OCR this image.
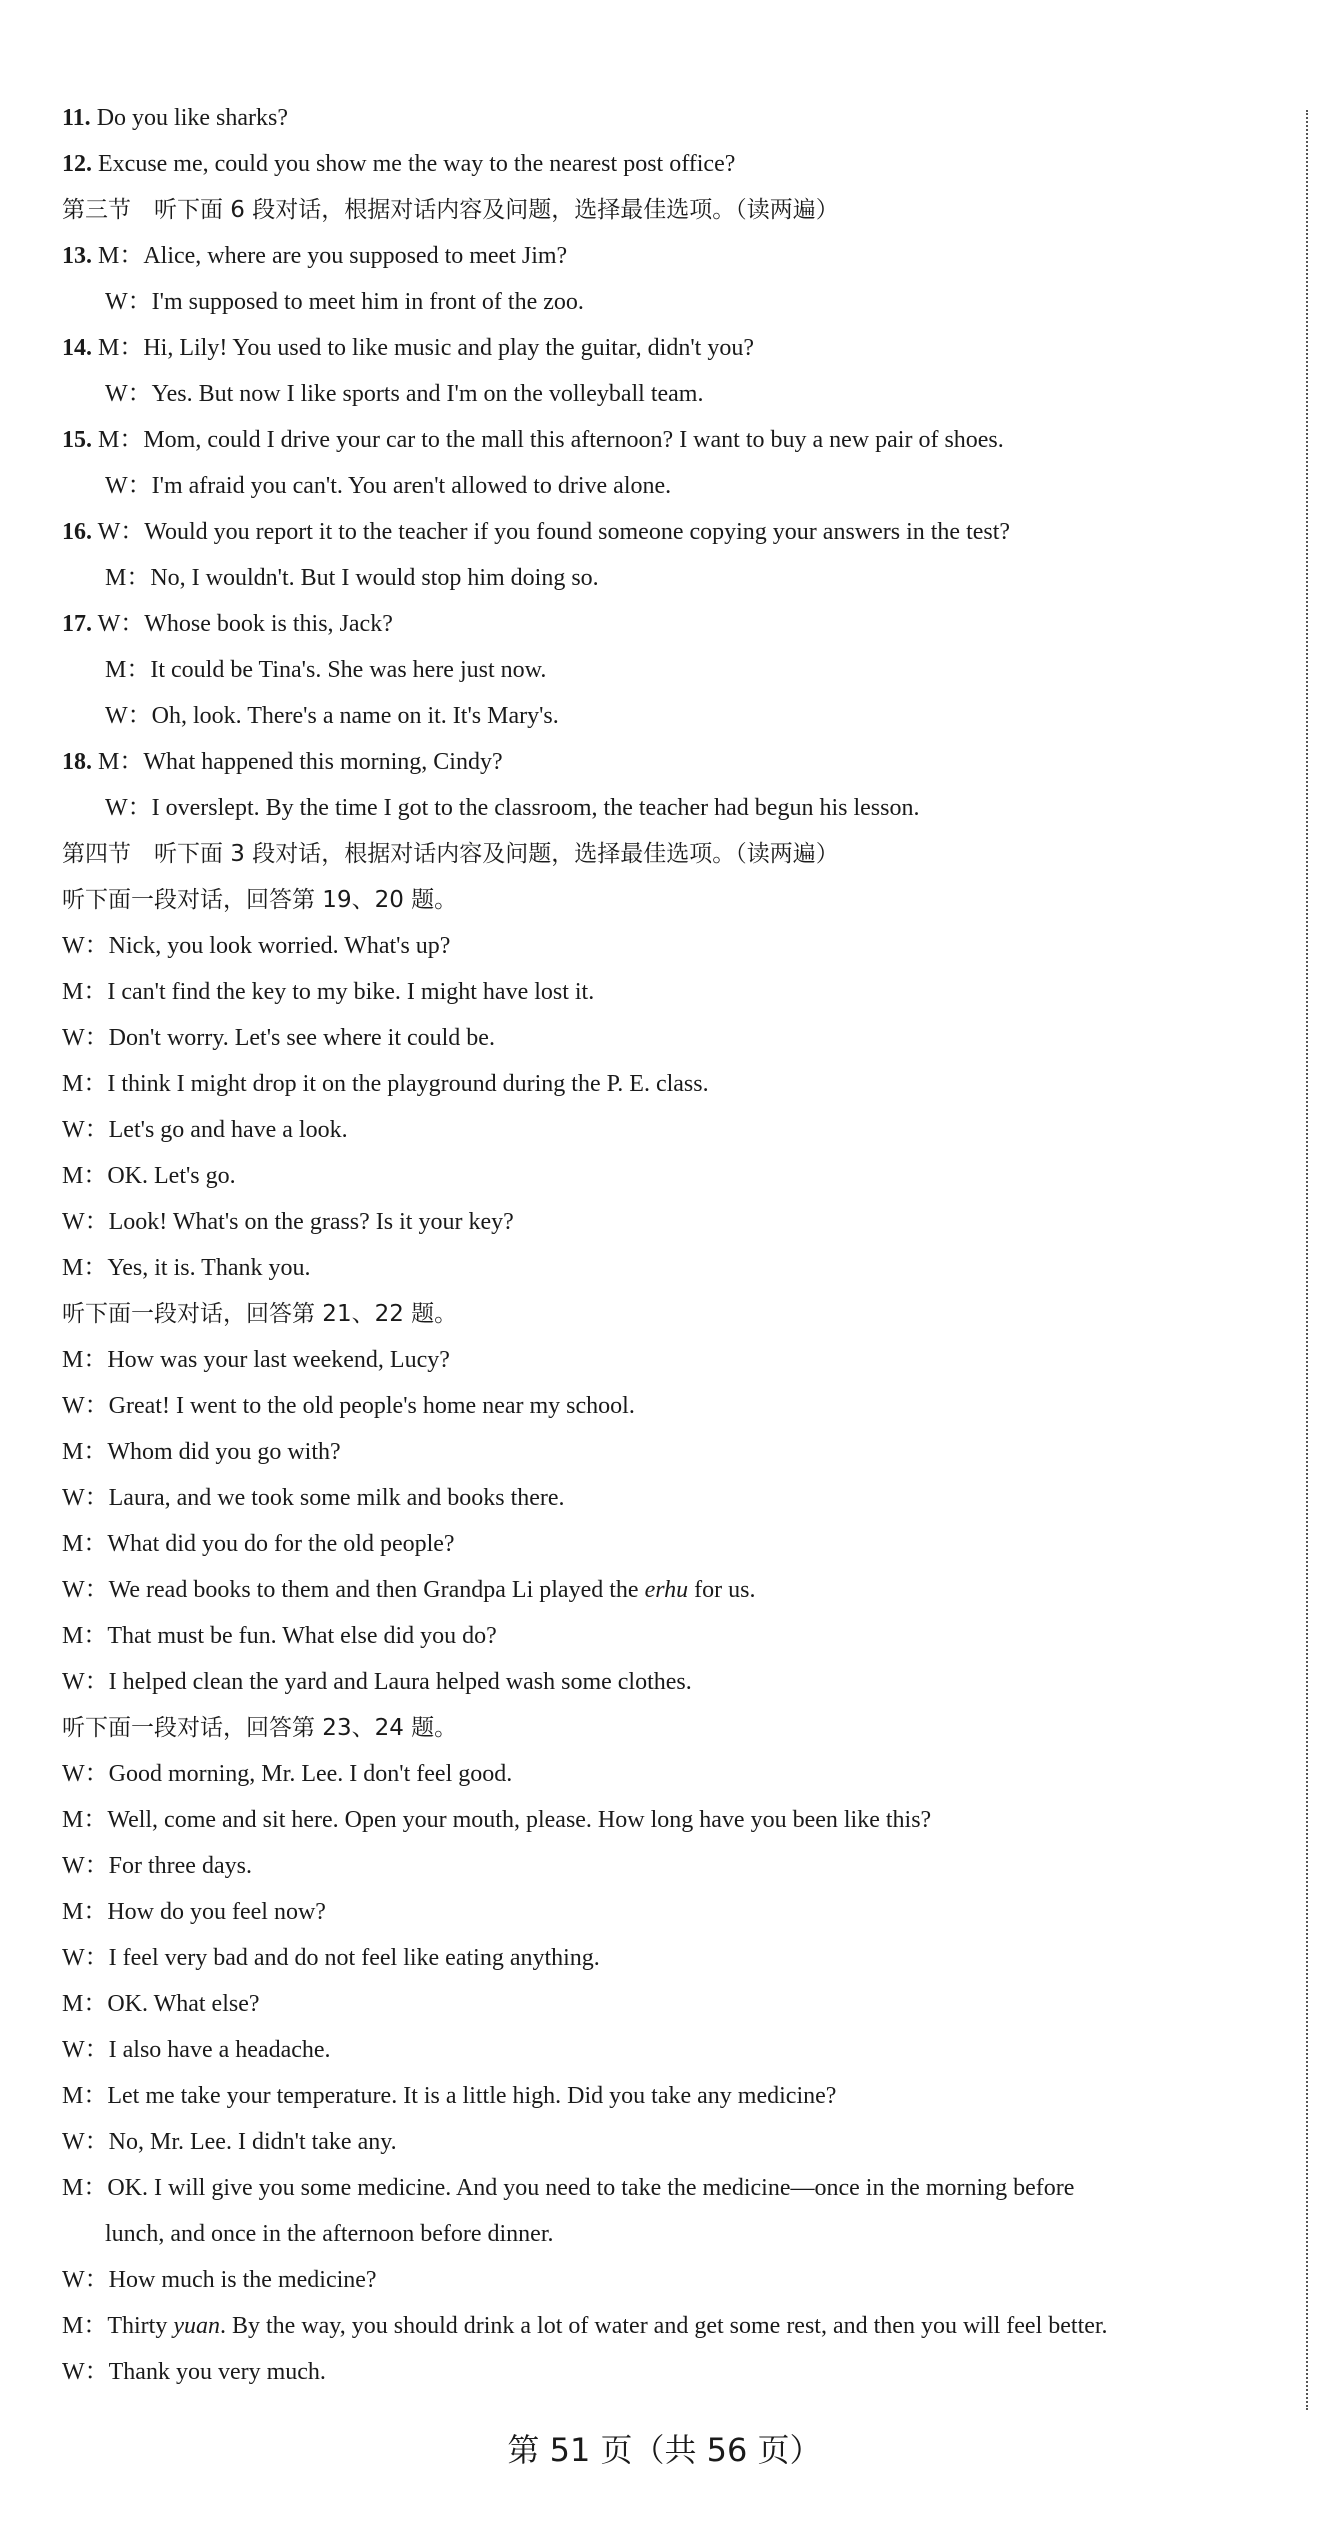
11. Do you like sharks?
12. Excuse me, could you show me the way to the nearest post office?
第三节　听下面 6 段对话，根据对话内容及问题，选择最佳选项。（读两遍）
13. M：Alice, where are you supposed to meet Jim?
W：I'm supposed to meet him in front of the zoo.
14. M：Hi, Lily! You used to like music and play the guitar, didn't you?
W：Yes. But now I like sports and I'm on the volleyball team.
15. M：Mom, could I drive your car to the mall this afternoon? I want to buy a new pair of shoes.
W：I'm afraid you can't. You aren't allowed to drive alone.
16. W：Would you report it to the teacher if you found someone copying your answers in the test?
M：No, I wouldn't. But I would stop him doing so.
17. W：Whose book is this, Jack?
M：It could be Tina's. She was here just now.
W：Oh, look. There's a name on it. It's Mary's.
18. M：What happened this morning, Cindy?
W：I overslept. By the time I got to the classroom, the teacher had begun his lesson.
第四节　听下面 3 段对话，根据对话内容及问题，选择最佳选项。（读两遍）
听下面一段对话，回答第 19、20 题。
W：Nick, you look worried. What's up?
M：I can't find the key to my bike. I might have lost it.
W：Don't worry. Let's see where it could be.
M：I think I might drop it on the playground during the P. E. class.
W：Let's go and have a look.
M：OK. Let's go.
W：Look! What's on the grass? Is it your key?
M：Yes, it is. Thank you.
听下面一段对话，回答第 21、22 题。
M：How was your last weekend, Lucy?
W：Great! I went to the old people's home near my school.
M：Whom did you go with?
W：Laura, and we took some milk and books there.
M：What did you do for the old people?
W：We read books to them and then Grandpa Li played the erhu for us.
M：That must be fun. What else did you do?
W：I helped clean the yard and Laura helped wash some clothes.
听下面一段对话，回答第 23、24 题。
W：Good morning, Mr. Lee. I don't feel good.
M：Well, come and sit here. Open your mouth, please. How long have you been like this?
W：For three days.
M：How do you feel now?
W：I feel very bad and do not feel like eating anything.
M：OK. What else?
W：I also have a headache.
M：Let me take your temperature. It is a little high. Did you take any medicine?
W：No, Mr. Lee. I didn't take any.
M：OK. I will give you some medicine. And you need to take the medicine—once in the morning before
lunch, and once in the afternoon before dinner.
W：How much is the medicine?
M：Thirty yuan. By the way, you should drink a lot of water and get some rest, and then you will feel better.
W：Thank you very much.
第 51 页（共 56 页）
